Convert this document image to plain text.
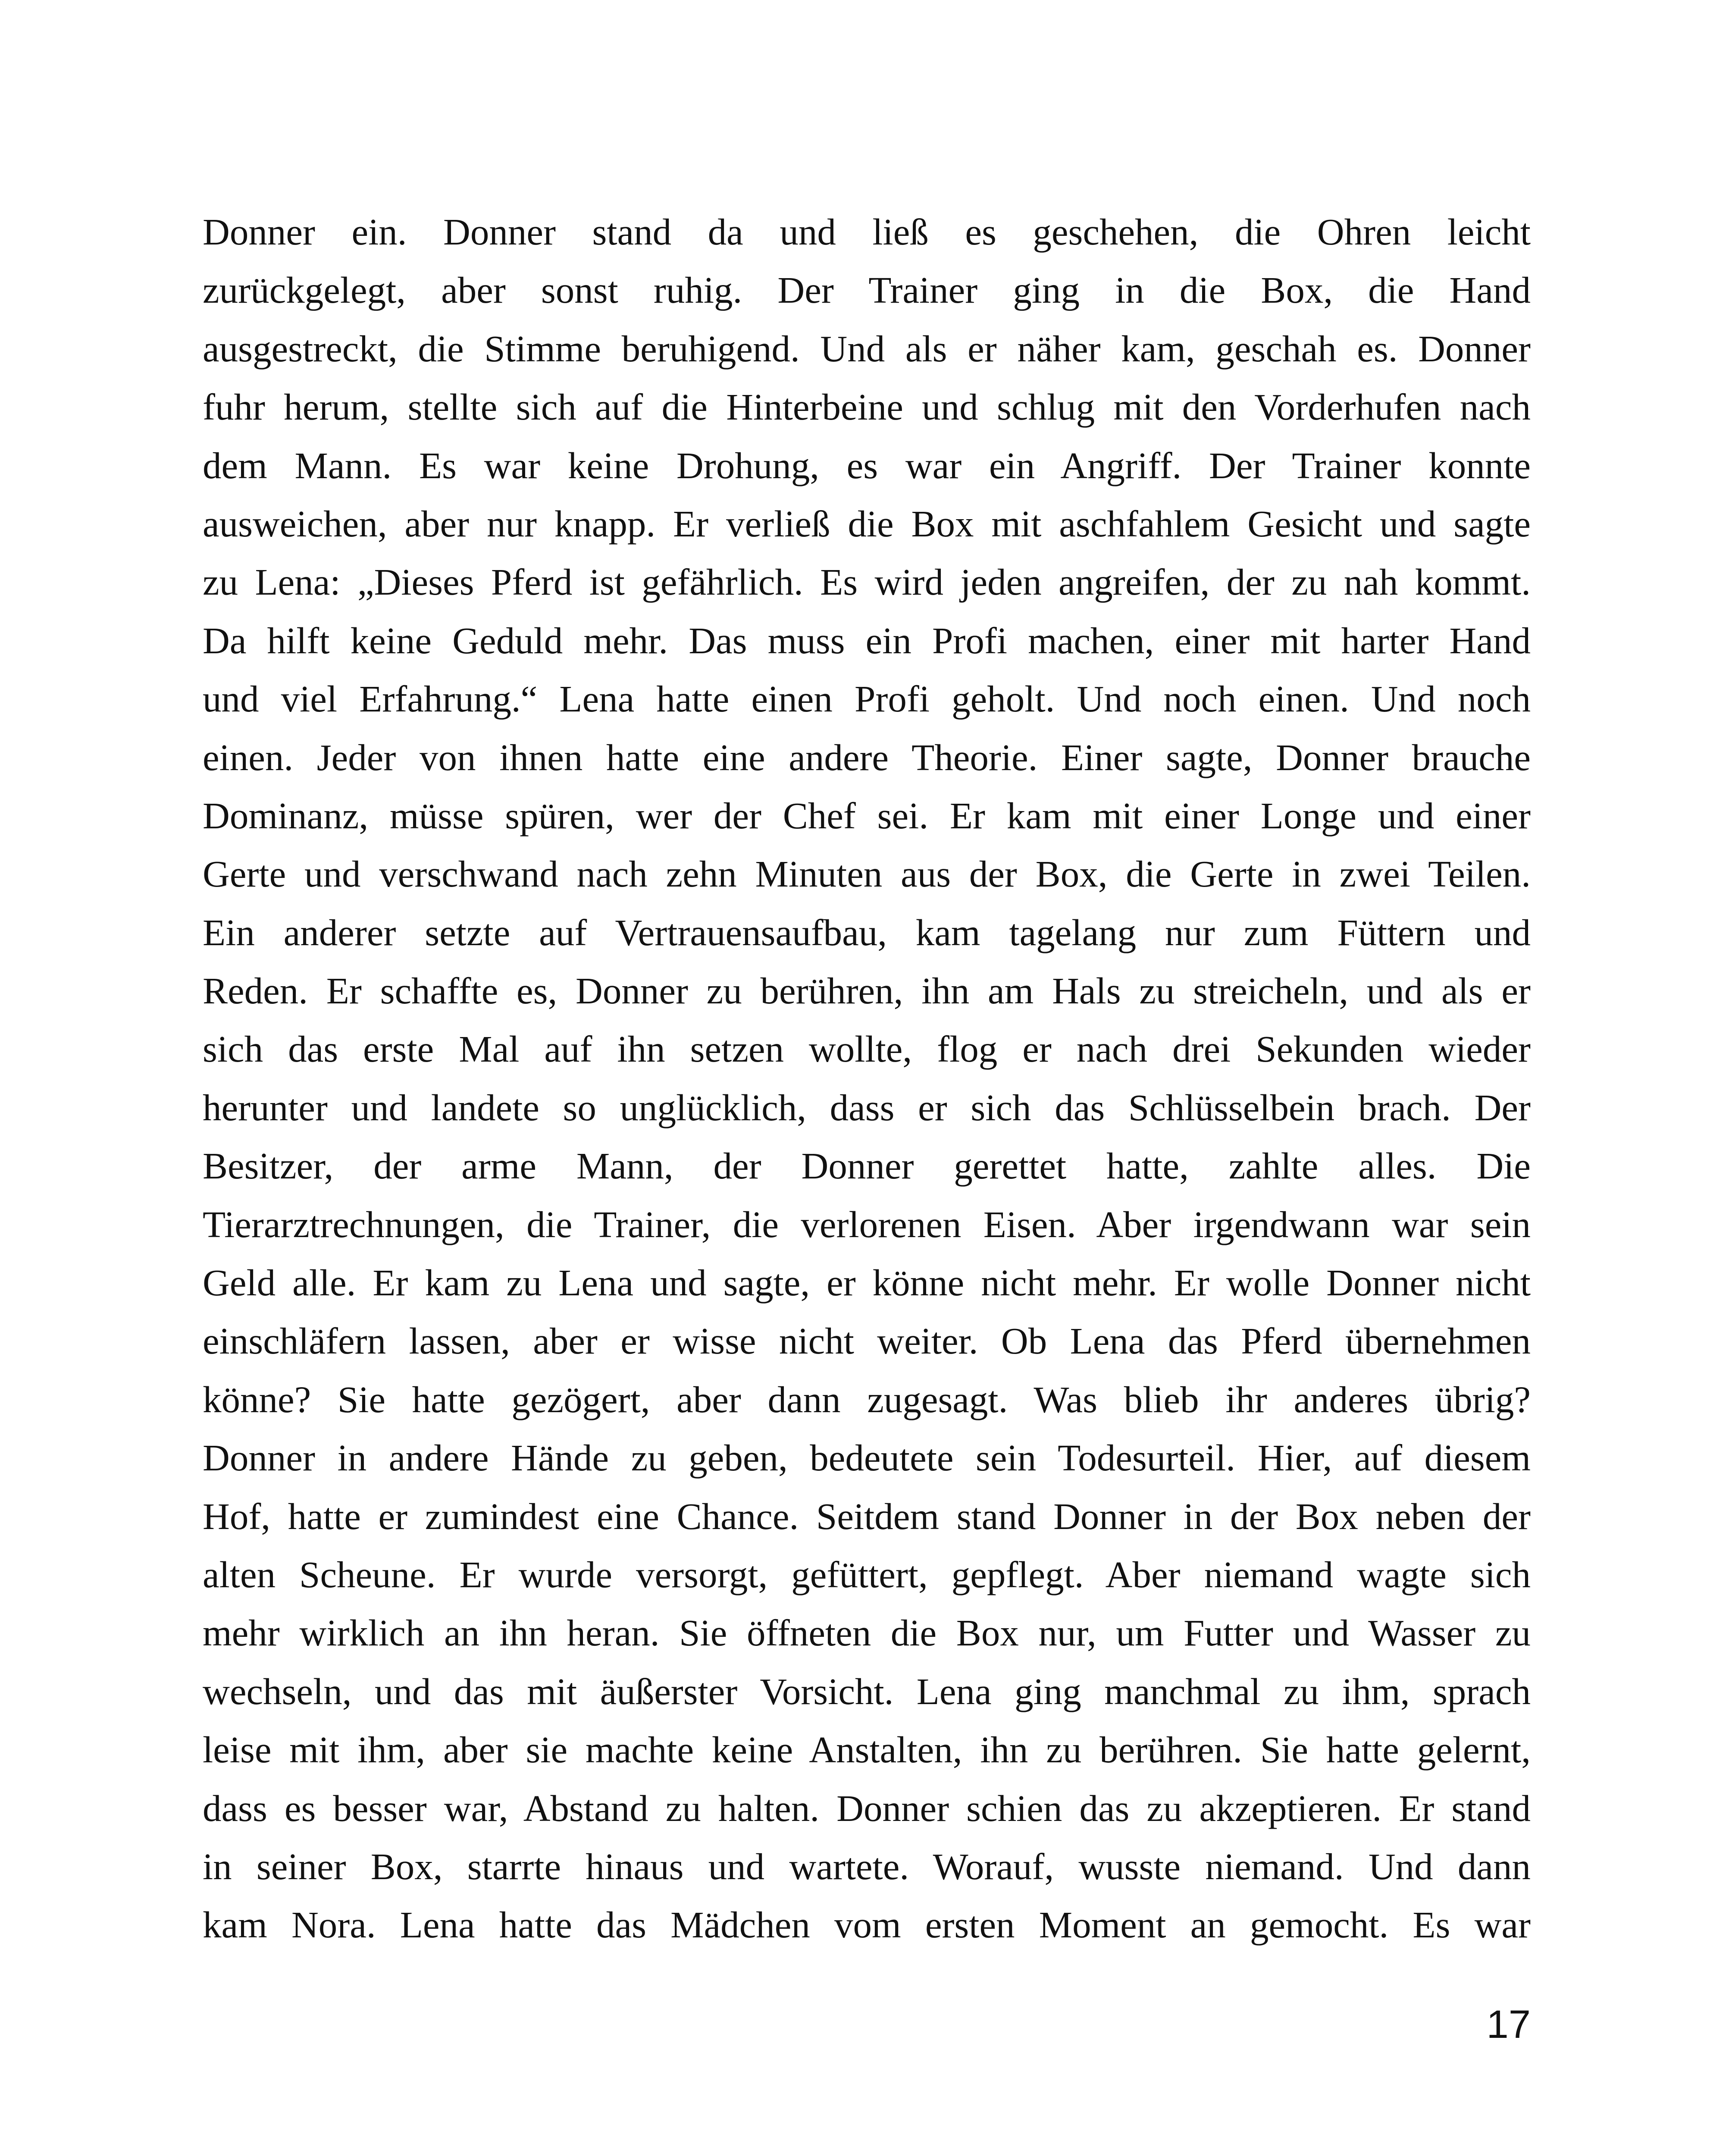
Donner ein. Donner stand da und ließ es geschehen, die Ohren leicht
zurückgelegt, aber sonst ruhig. Der Trainer ging in die Box, die Hand
ausgestreckt, die Stimme beruhigend. Und als er näher kam, geschah es. Donner
fuhr herum, stellte sich auf die Hinterbeine und schlug mit den Vorderhufen nach
dem Mann. Es war keine Drohung, es war ein Angriff. Der Trainer konnte
ausweichen, aber nur knapp. Er verließ die Box mit aschfahlem Gesicht und sagte
zu Lena: „Dieses Pferd ist gefährlich. Es wird jeden angreifen, der zu nah kommt.
Da hilft keine Geduld mehr. Das muss ein Profi machen, einer mit harter Hand
und viel Erfahrung.“ Lena hatte einen Profi geholt. Und noch einen. Und noch
einen. Jeder von ihnen hatte eine andere Theorie. Einer sagte, Donner brauche
Dominanz, müsse spüren, wer der Chef sei. Er kam mit einer Longe und einer
Gerte und verschwand nach zehn Minuten aus der Box, die Gerte in zwei Teilen.
Ein anderer setzte auf Vertrauensaufbau, kam tagelang nur zum Füttern und
Reden. Er schaffte es, Donner zu berühren, ihn am Hals zu streicheln, und als er
sich das erste Mal auf ihn setzen wollte, flog er nach drei Sekunden wieder
herunter und landete so unglücklich, dass er sich das Schlüsselbein brach. Der
Besitzer, der arme Mann, der Donner gerettet hatte, zahlte alles. Die
Tierarztrechnungen, die Trainer, die verlorenen Eisen. Aber irgendwann war sein
Geld alle. Er kam zu Lena und sagte, er könne nicht mehr. Er wolle Donner nicht
einschläfern lassen, aber er wisse nicht weiter. Ob Lena das Pferd übernehmen
könne? Sie hatte gezögert, aber dann zugesagt. Was blieb ihr anderes übrig?
Donner in andere Hände zu geben, bedeutete sein Todesurteil. Hier, auf diesem
Hof, hatte er zumindest eine Chance. Seitdem stand Donner in der Box neben der
alten Scheune. Er wurde versorgt, gefüttert, gepflegt. Aber niemand wagte sich
mehr wirklich an ihn heran. Sie öffneten die Box nur, um Futter und Wasser zu
wechseln, und das mit äußerster Vorsicht. Lena ging manchmal zu ihm, sprach
leise mit ihm, aber sie machte keine Anstalten, ihn zu berühren. Sie hatte gelernt,
dass es besser war, Abstand zu halten. Donner schien das zu akzeptieren. Er stand
in seiner Box, starrte hinaus und wartete. Worauf, wusste niemand. Und dann
kam Nora. Lena hatte das Mädchen vom ersten Moment an gemocht. Es war
17
